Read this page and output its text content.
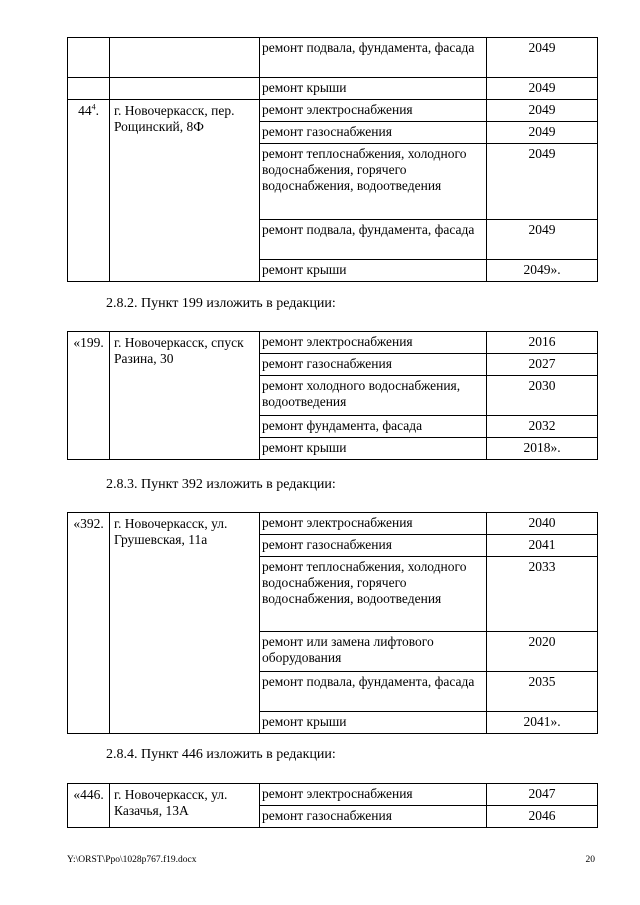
		ремонт подвала, фундамента, фасада	2049
		ремонт крыши	2049
$44^4$.	г. Новочеркасск, пер. Рощинский, 8Ф	ремонт электроснабжения	2049
		ремонт газоснабжения	2049
		ремонт теплоснабжения, холодного водоснабжения, горячего водоснабжения, водоотведения	2049
		ремонт подвала, фундамента, фасада	2049
		ремонт крыши	2049».
2.8.2. Пункт 199 изложить в редакции:
«199.	г. Новочеркасск, спуск Разина, 30	ремонт электроснабжения	2016
		ремонт газоснабжения	2027
		ремонт холодного водоснабжения, водоотведения	2030
		ремонт фундамента, фасада	2032
		ремонт крыши	2018».
2.8.3. Пункт 392 изложить в редакции:
«392.	г. Новочеркасск, ул. Грушевская, 11а	ремонт электроснабжения	2040
		ремонт газоснабжения	2041
		ремонт теплоснабжения, холодного водоснабжения, горячего водоснабжения, водоотведения	2033
		ремонт или замена лифтового оборудования	2020
		ремонт подвала, фундамента, фасада	2035
		ремонт крыши	2041».
2.8.4. Пункт 446 изложить в редакции:
«446.	г. Новочеркасск, ул. Казачья, 13А	ремонт электроснабжения	2047
		ремонт газоснабжения	2046
Y:\ORST\Ppo\1028p767.f19.docx	20
